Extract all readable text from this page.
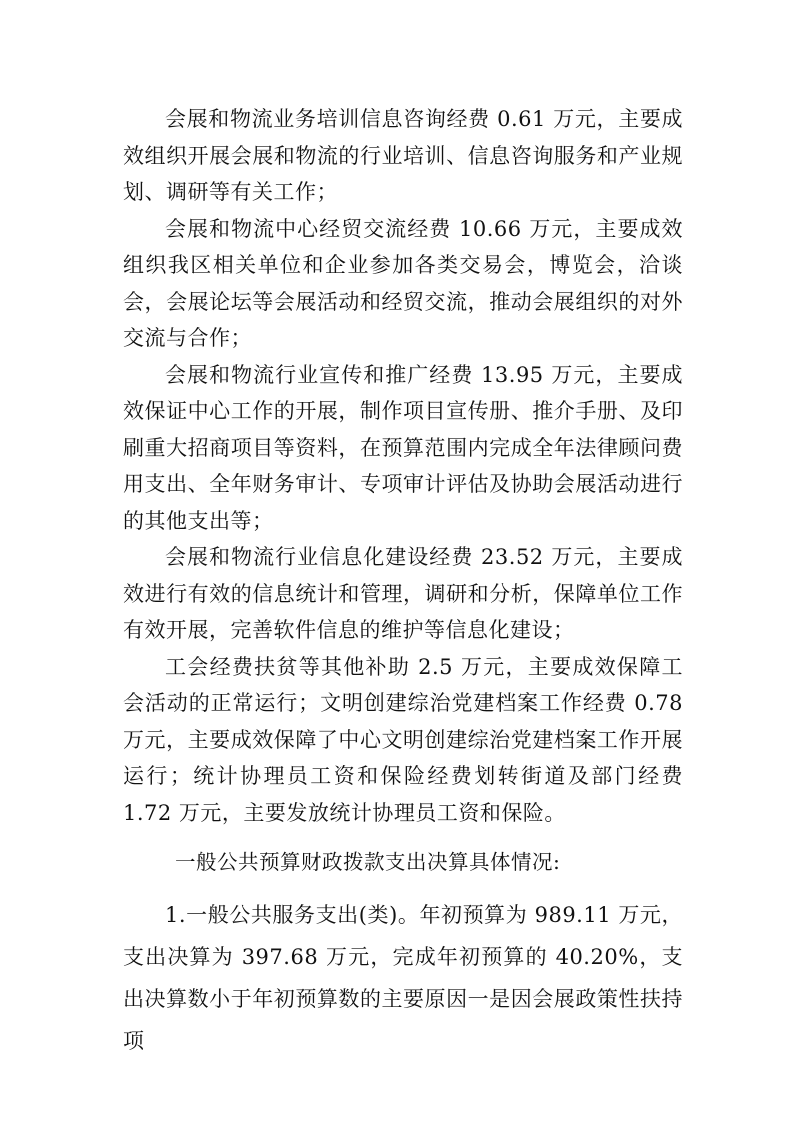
会展和物流业务培训信息咨询经费 0.61 万元，主要成效组织开展会展和物流的行业培训、信息咨询服务和产业规划、调研等有关工作；

会展和物流中心经贸交流经费 10.66 万元，主要成效组织我区相关单位和企业参加各类交易会，博览会，洽谈会，会展论坛等会展活动和经贸交流，推动会展组织的对外交流与合作；

会展和物流行业宣传和推广经费 13.95 万元，主要成效保证中心工作的开展，制作项目宣传册、推介手册、及印刷重大招商项目等资料，在预算范围内完成全年法律顾问费用支出、全年财务审计、专项审计评估及协助会展活动进行的其他支出等；

会展和物流行业信息化建设经费 23.52 万元，主要成效进行有效的信息统计和管理，调研和分析，保障单位工作有效开展，完善软件信息的维护等信息化建设；

工会经费扶贫等其他补助 2.5 万元，主要成效保障工会活动的正常运行；文明创建综治党建档案工作经费 0.78 万元，主要成效保障了中心文明创建综治党建档案工作开展运行；统计协理员工资和保险经费划转街道及部门经费 1.72 万元，主要发放统计协理员工资和保险。

一般公共预算财政拨款支出决算具体情况:

1.一般公共服务支出(类)。年初预算为 989.11 万元，支出决算为 397.68 万元，完成年初预算的 40.20%，支出决算数小于年初预算数的主要原因一是因会展政策性扶持项
